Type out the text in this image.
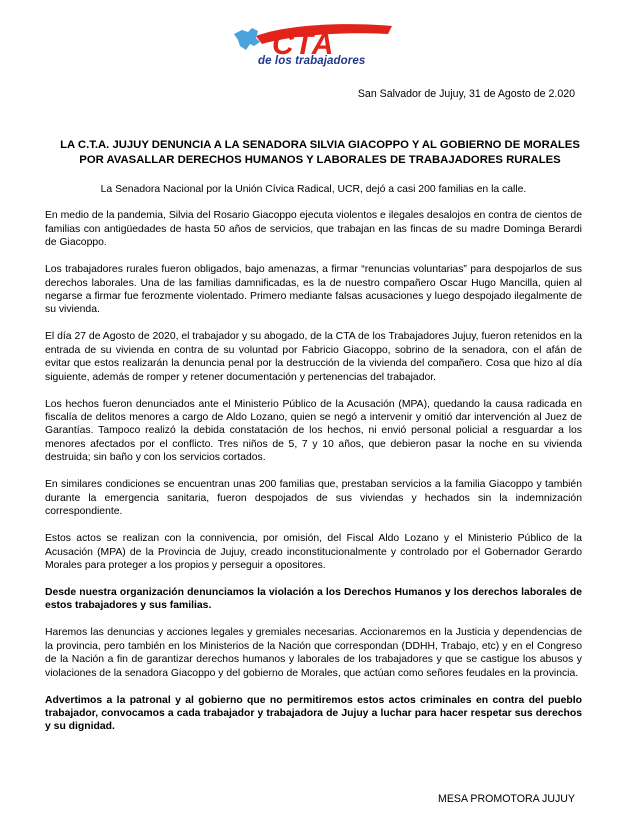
CTA
de los trabajadores
San Salvador de Jujuy, 31 de Agosto de 2.020
LA C.T.A. JUJUY DENUNCIA A LA SENADORA SILVIA GIACOPPO Y AL GOBIERNO DE MORALES
POR AVASALLAR DERECHOS HUMANOS Y LABORALES DE TRABAJADORES RURALES

La Senadora Nacional por la Unión Cívica Radical, UCR, dejó a casi 200 familias en la calle.

En medio de la pandemia, Silvia del Rosario Giacoppo ejecuta violentos e ilegales desalojos en contra de cientos de familias con antigüedades de hasta 50 años de servicios, que trabajan en las fincas de su madre Dominga Berardi de Giacoppo.

Los trabajadores rurales fueron obligados, bajo amenazas, a firmar “renuncias voluntarias” para despojarlos de sus derechos laborales. Una de las familias damnificadas, es la de nuestro compañero Oscar Hugo Mancilla, quien al negarse a firmar fue ferozmente violentado. Primero mediante falsas acusaciones y luego despojado ilegalmente de su vivienda.

El día 27 de Agosto de 2020, el trabajador y su abogado, de la CTA de los Trabajadores Jujuy, fueron retenidos en la entrada de su vivienda en contra de su voluntad por Fabricio Giacoppo, sobrino de la senadora, con el afán de evitar que estos realizarán la denuncia penal por la destrucción de la vivienda del compañero. Cosa que hizo al día siguiente, además de romper y retener documentación y pertenencias del trabajador.

Los hechos fueron denunciados ante el Ministerio Público de la Acusación (MPA), quedando la causa radicada en fiscalía de delitos menores a cargo de Aldo Lozano, quien se negó a intervenir y omitió dar intervención al Juez de Garantías. Tampoco realizó la debida constatación de los hechos, ni envió personal policial a resguardar a los menores afectados por el conflicto. Tres niños de 5, 7 y 10 años, que debieron pasar la noche en su vivienda destruida; sin baño y con los servicios cortados.

En similares condiciones se encuentran unas 200 familias que, prestaban servicios a la familia Giacoppo y también durante la emergencia sanitaria, fueron despojados de sus viviendas y hechados sin la indemnización correspondiente.

Estos actos se realizan con la connivencia, por omisión, del Fiscal Aldo Lozano y el Ministerio Público de la Acusación (MPA) de la Provincia de Jujuy, creado inconstitucionalmente y controlado por el Gobernador Gerardo Morales para proteger a los propios y perseguir a opositores.

Desde nuestra organización denunciamos la violación a los Derechos Humanos y los derechos laborales de estos trabajadores y sus familias.

Haremos las denuncias y acciones legales y gremiales necesarias. Accionaremos en la Justicia y dependencias de la provincia, pero también en los Ministerios de la Nación que correspondan (DDHH, Trabajo, etc) y en el Congreso de la Nación a fin de garantizar derechos humanos y laborales de los trabajadores y que se castigue los abusos y violaciones de la senadora Giacoppo y del gobierno de Morales, que actúan como señores feudales en la provincia.

Advertimos a la patronal y al gobierno que no permitiremos estos actos criminales en contra del pueblo trabajador, convocamos a cada trabajador y trabajadora de Jujuy a luchar para hacer respetar sus derechos y su dignidad.

MESA PROMOTORA JUJUY
